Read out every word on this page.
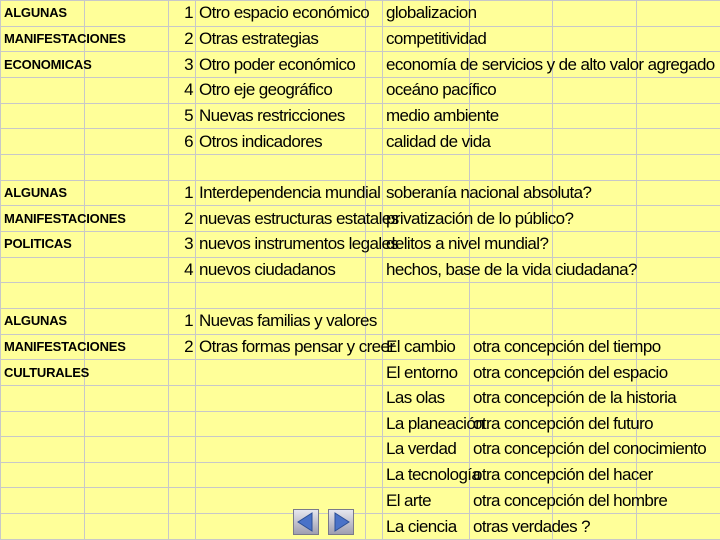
ALGUNAS		1	Otro espacio económico		globalizacion			
MANIFESTACIONES		2	Otras estrategias		competitividad			
ECONOMICAS		3	Otro poder económico		economía de servicios y de alto valor agregado			
		4	Otro eje geográfico		oceáno pacífico			
		5	Nuevas restricciones		medio ambiente			
		6	Otros indicadores		calidad de vida			

ALGUNAS		1	Interdependencia mundial		soberanía nacional absoluta?			
MANIFESTACIONES		2	nuevas estructuras estatales		privatización de lo público?			
POLITICAS		3	nuevos instrumentos legales		delitos a nivel mundial?			
		4	nuevos ciudadanos		hechos, base de la vida ciudadana?			

ALGUNAS		1	Nuevas familias y valores					
MANIFESTACIONES		2	Otras formas pensar y creer		El cambio	otra concepción del tiempo		
CULTURALES					El entorno	otra concepción del espacio		
					Las olas	otra concepción de la historia		
					La planeación	otra concepción del futuro		
					La verdad	otra concepción del conocimiento		
					La tecnología	otra concepción del hacer		
					El arte	otra concepción del hombre		
					La ciencia	otras verdades ?		
